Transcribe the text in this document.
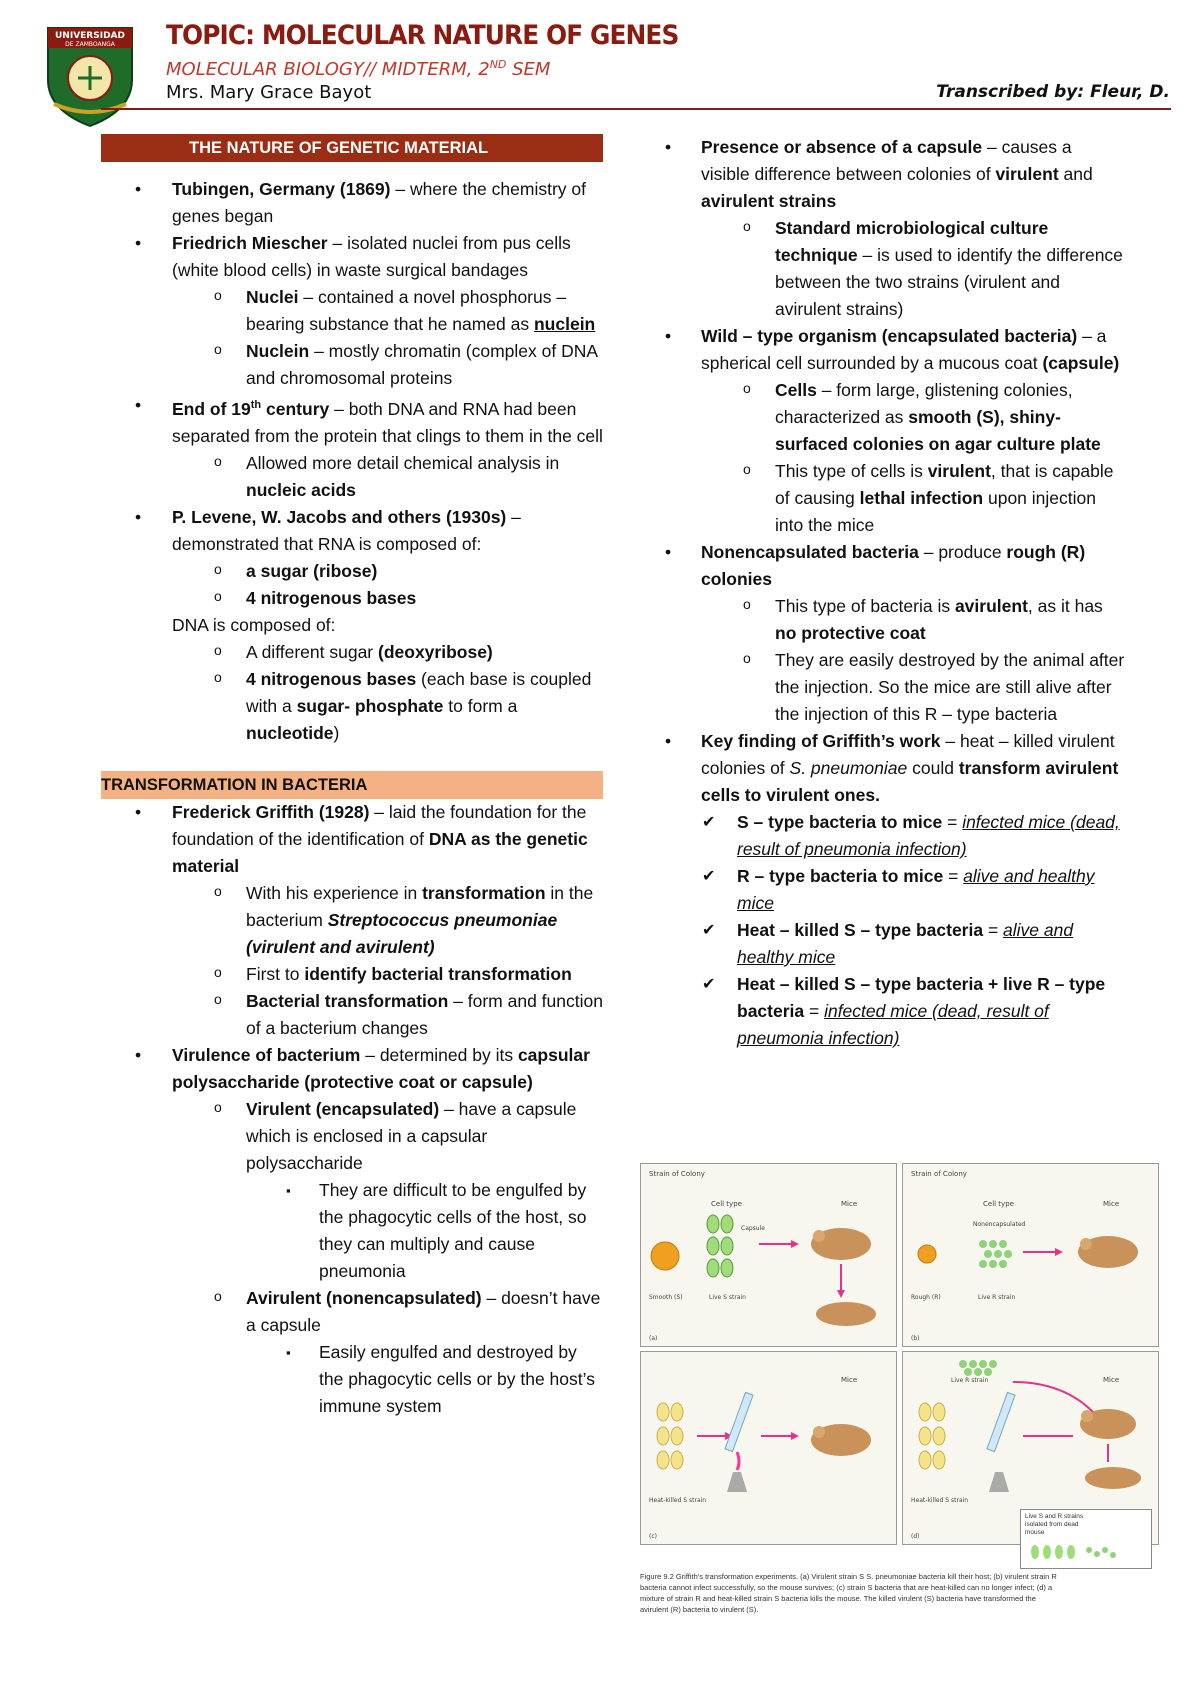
UNIVERSIDAD
DE ZAMBOANGA TOPIC: MOLECULAR NATURE OF GENES
MOLECULAR BIOLOGY// MIDTERM, 2ND SEM
Mrs. Mary Grace Bayot	Transcribed by: Fleur, D.
THE NATURE OF GENETIC MATERIAL
• Tubingen, Germany (1869) – where the chemistry of genes began
• Friedrich Miescher – isolated nuclei from pus cells (white blood cells) in waste surgical bandages
o Nuclei – contained a novel phosphorus – bearing substance that he named as nuclein
o Nuclein – mostly chromatin (complex of DNA and chromosomal proteins
• End of 19th century – both DNA and RNA had been separated from the protein that clings to them in the cell
o Allowed more detail chemical analysis in nucleic acids
• P. Levene, W. Jacobs and others (1930s) – demonstrated that RNA is composed of:
o a sugar (ribose)
o 4 nitrogenous bases
DNA is composed of:
o A different sugar (deoxyribose)
o 4 nitrogenous bases (each base is coupled with a sugar- phosphate to form a nucleotide)
TRANSFORMATION IN BACTERIA
• Frederick Griffith (1928) – laid the foundation for the foundation of the identification of DNA as the genetic material
o With his experience in transformation in the bacterium Streptococcus pneumoniae (virulent and avirulent)
o First to identify bacterial transformation
o Bacterial transformation – form and function of a bacterium changes
• Virulence of bacterium – determined by its capsular polysaccharide (protective coat or capsule)
o Virulent (encapsulated) – have a capsule which is enclosed in a capsular polysaccharide
▪ They are difficult to be engulfed by the phagocytic cells of the host, so they can multiply and cause pneumonia
o Avirulent (nonencapsulated) – doesn’t have a capsule
▪ Easily engulfed and destroyed by the phagocytic cells or by the host’s immune system
• Presence or absence of a capsule – causes a visible difference between colonies of virulent and avirulent strains
o Standard microbiological culture technique – is used to identify the difference between the two strains (virulent and avirulent strains)
• Wild – type organism (encapsulated bacteria) – a spherical cell surrounded by a mucous coat (capsule)
o Cells – form large, glistening colonies, characterized as smooth (S), shiny-surfaced colonies on agar culture plate
o This type of cells is virulent, that is capable of causing lethal infection upon injection into the mice
• Nonencapsulated bacteria – produce rough (R) colonies
o This type of bacteria is avirulent, as it has no protective coat
o They are easily destroyed by the animal after the injection. So the mice are still alive after the injection of this R – type bacteria
• Key finding of Griffith’s work – heat – killed virulent colonies of S. pneumoniae could transform avirulent cells to virulent ones.
✔ S – type bacteria to mice = infected mice (dead, result of pneumonia infection)
✔ R – type bacteria to mice = alive and healthy mice
✔ Heat – killed S – type bacteria = alive and healthy mice
✔ Heat – killed S – type bacteria + live R – type bacteria = infected mice (dead, result of pneumonia infection)
Strain of Colony
Cell type	Mice
Capsule
Smooth (S)	Live S strain
(a)
Strain of Colony
Cell type	Mice
Nonencapsulated
Rough (R)	Live R strain
(b)
Mice
Heat-killed S strain
(c)
Mice
Live R strain
Heat-killed S strain
(d)
Live S and R strains isolated from dead mouse
Figure 9.2 Griffith's transformation experiments. (a) Virulent strain S S. pneumoniae bacteria kill their host; (b) virulent strain R bacteria cannot infect successfully, so the mouse survives; (c) strain S bacteria that are heat-killed can no longer infect; (d) a mixture of strain R and heat-killed strain S bacteria kills the mouse. The killed virulent (S) bacteria have transformed the avirulent (R) bacteria to virulent (S).
